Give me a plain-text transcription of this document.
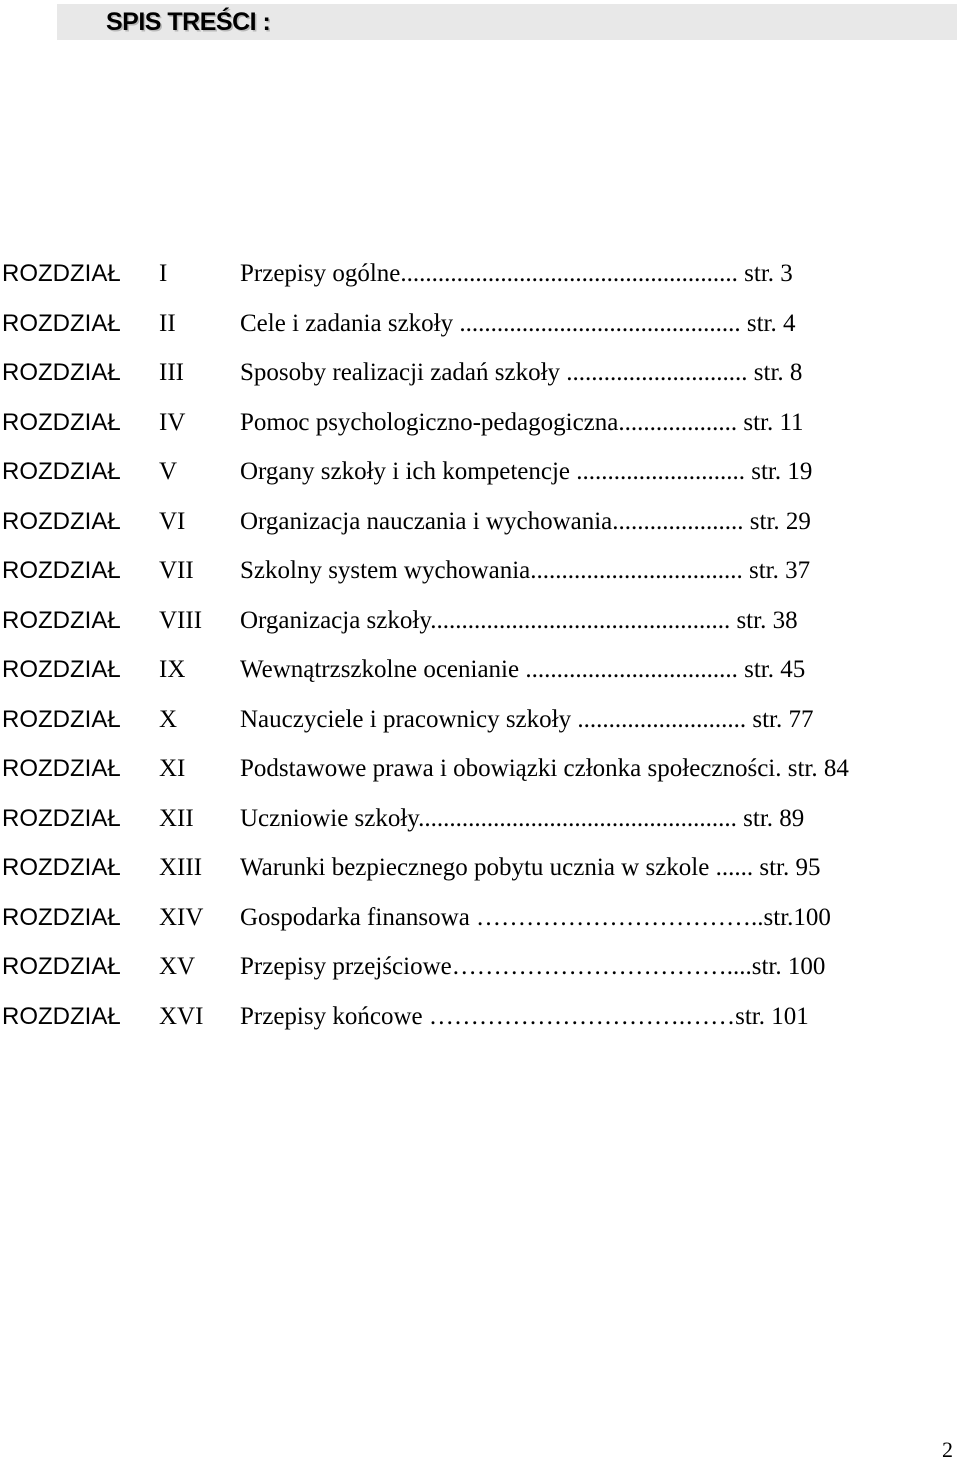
SPIS TREŚCI :
ROZDZIAŁ I	Przepisy ogólne...................................................... str. 3
ROZDZIAŁ II	Cele i zadania szkoły ............................................. str. 4
ROZDZIAŁ III Sposoby realizacji zadań szkoły ............................. str. 8
ROZDZIAŁ IV Pomoc psychologiczno-pedagogiczna................... str. 11
ROZDZIAŁ V	Organy szkoły i ich kompetencje ........................... str. 19
ROZDZIAŁ VI Organizacja nauczania i wychowania..................... str. 29
ROZDZIAŁ VII Szkolny system wychowania.................................. str. 37
ROZDZIAŁ VIII Organizacja szkoły................................................ str. 38
ROZDZIAŁ IX Wewnątrzszkolne ocenianie .................................. str. 45
ROZDZIAŁ X	Nauczyciele i pracownicy szkoły ........................... str. 77
ROZDZIAŁ XI Podstawowe prawa i obowiązki członka społeczności. str. 84
ROZDZIAŁ XII Uczniowie szkoły................................................... str. 89
ROZDZIAŁ XIII Warunki bezpiecznego pobytu ucznia w szkole ...... str. 95
ROZDZIAŁ XIV Gospodarka finansowa ……………………………..str.100
ROZDZIAŁ XV Przepisy przejściowe……………………………....str. 100
ROZDZIAŁ XVI Przepisy końcowe ………………………….……str. 101
2
